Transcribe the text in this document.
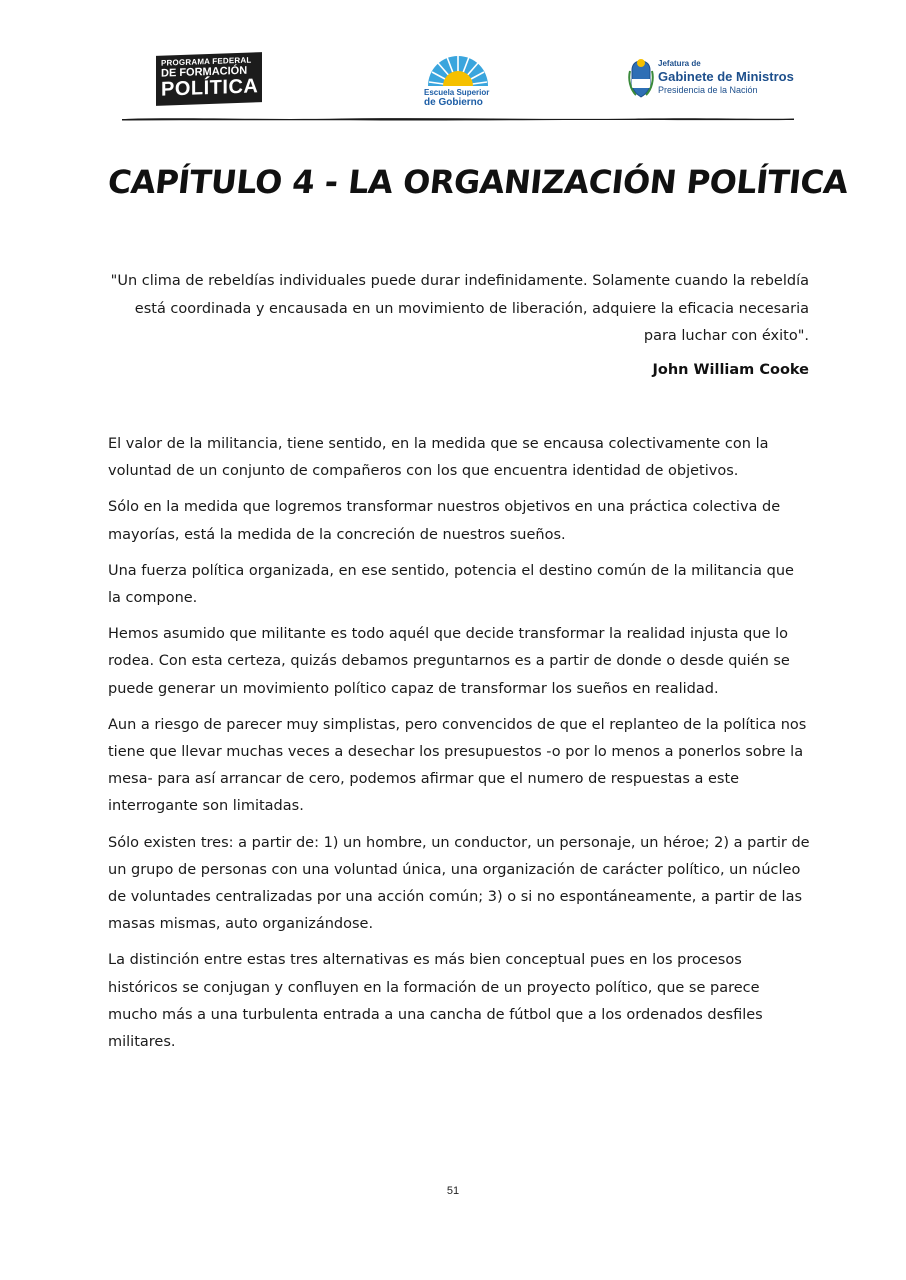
PROGRAMA FEDERAL
DE FORMACIÓN
POLÍTICA	Escuela Superior
de Gobierno
Jefatura de
Gabinete de Ministros
Presidencia de la Nación
CAPÍTULO 4 - LA ORGANIZACIÓN POLÍTICA

"Un clima de rebeldías individuales puede durar indefinidamente. Solamente cuando la rebeldía está coordinada y encausada en un movimiento de liberación, adquiere la eficacia necesaria para luchar con éxito".

John William Cooke

El valor de la militancia, tiene sentido, en la medida que se encausa colectivamente con la voluntad de un conjunto de compañeros con los que encuentra identidad de objetivos.

Sólo en la medida que logremos transformar nuestros objetivos en una práctica colectiva de mayorías, está la medida de la concreción de nuestros sueños.

Una fuerza política organizada, en ese sentido, potencia el destino común de la militancia que la compone.

Hemos asumido que militante es todo aquél que decide transformar la realidad injusta que lo rodea. Con esta certeza, quizás debamos preguntarnos es a partir de donde o desde quién se puede generar un movimiento político capaz de transformar los sueños en realidad.

Aun a riesgo de parecer muy simplistas, pero convencidos de que el replanteo de la política nos tiene que llevar muchas veces a desechar los presupuestos -o por lo menos a ponerlos sobre la mesa- para así arrancar de cero, podemos afirmar que el numero de respuestas a este interrogante son limitadas.

Sólo existen tres: a partir de: 1) un hombre, un conductor, un personaje, un héroe; 2) a partir de un grupo de personas con una voluntad única, una organización de carácter político, un núcleo de voluntades centralizadas por una acción común; 3) o si no espontáneamente, a partir de las masas mismas, auto organizándose.

La distinción entre estas tres alternativas es más bien conceptual pues en los procesos históricos se conjugan y confluyen en la formación de un proyecto político, que se parece mucho más a una turbulenta entrada a una cancha de fútbol que a los ordenados desfiles militares.

51
